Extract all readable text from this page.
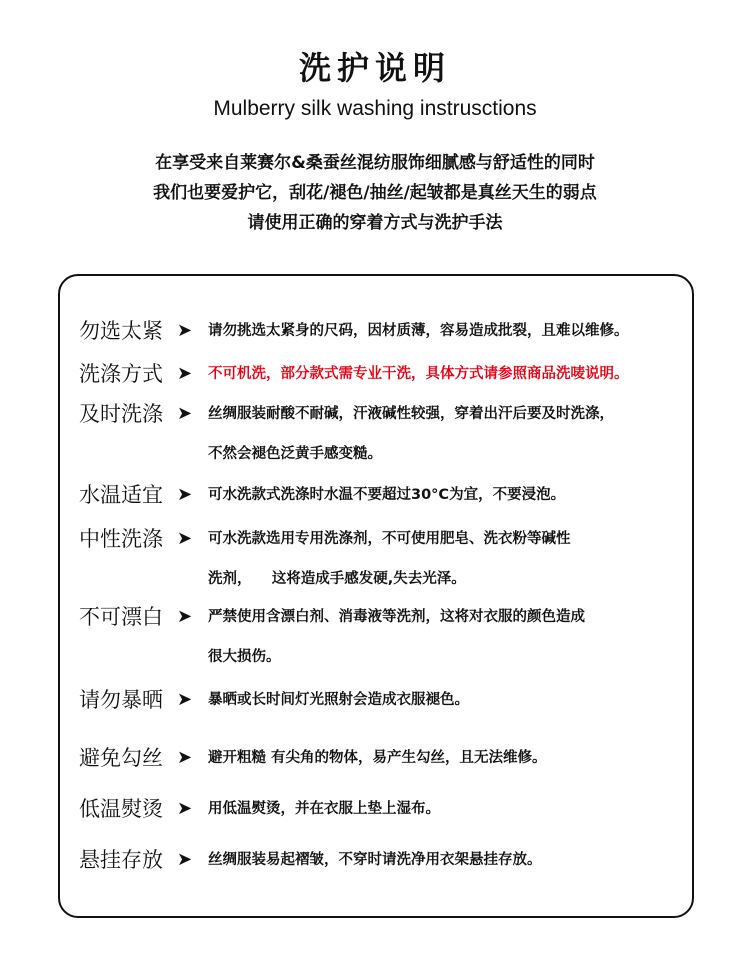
洗护说明
Mulberry silk washing instrusctions
在享受来自莱赛尔&桑蚕丝混纺服饰细腻感与舒适性的同时
我们也要爱护它，刮花/褪色/抽丝/起皱都是真丝天生的弱点
请使用正确的穿着方式与洗护手法
勿选太紧 ➤ 请勿挑选太紧身的尺码，因材质薄，容易造成批裂，且难以维修。
洗涤方式 ➤ 不可机洗，部分款式需专业干洗，具体方式请参照商品洗唛说明。
及时洗涤 ➤ 丝绸服装耐酸不耐碱，汗液碱性较强，穿着出汗后要及时洗涤，
不然会褪色泛黄手感变糙。
水温适宜 ➤ 可水洗款式洗涤时水温不要超过30°C为宜，不要浸泡。
中性洗涤 ➤ 可水洗款选用专用洗涤剂，不可使用肥皂、洗衣粉等碱性
洗剂，    这将造成手感发硬,失去光泽。
不可漂白 ➤ 严禁使用含漂白剂、消毒液等洗剂，这将对衣服的颜色造成
很大损伤。
请勿暴晒 ➤ 暴晒或长时间灯光照射会造成衣服褪色。
避免勾丝 ➤ 避开粗糙 有尖角的物体，易产生勾丝，且无法维修。
低温熨烫 ➤ 用低温熨烫，并在衣服上垫上湿布。
悬挂存放 ➤ 丝绸服装易起褶皱，不穿时请洗净用衣架悬挂存放。
